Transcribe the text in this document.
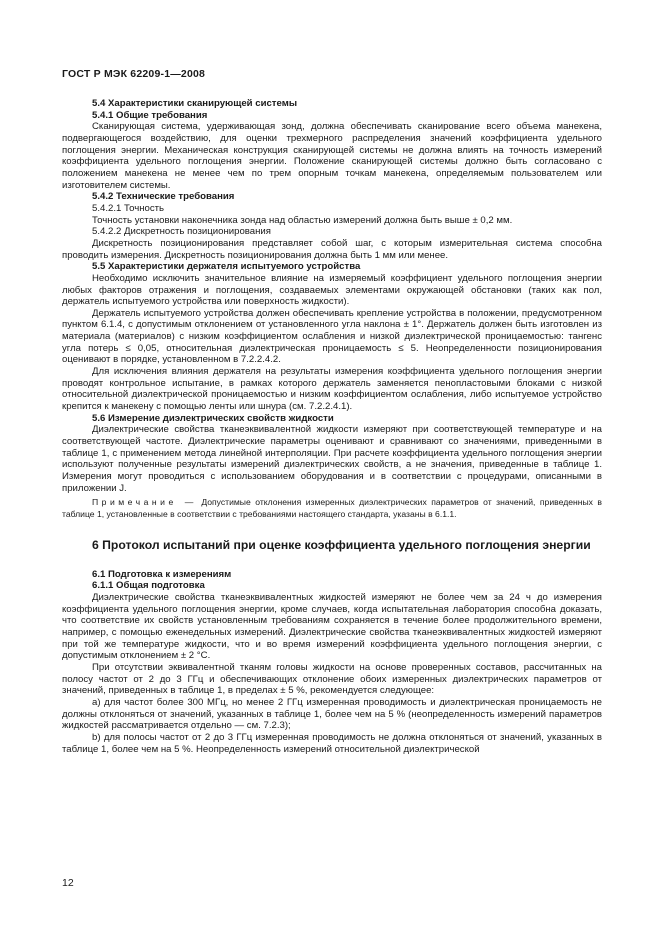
ГОСТ Р МЭК 62209-1—2008

5.4 Характеристики сканирующей системы

5.4.1 Общие требования

Сканирующая система, удерживающая зонд, должна обеспечивать сканирование всего объема манекена, подвергающегося воздействию, для оценки трехмерного распределения значений коэффициента удельного поглощения энергии. Механическая конструкция сканирующей системы не должна влиять на точность измерений коэффициента удельного поглощения энергии. Положение сканирующей системы должно быть согласовано с положением манекена не менее чем по трем опорным точкам манекена, определяемым пользователем или изготовителем системы.

5.4.2 Технические требования

5.4.2.1 Точность

Точность установки наконечника зонда над областью измерений должна быть выше ± 0,2 мм.

5.4.2.2 Дискретность позиционирования

Дискретность позиционирования представляет собой шаг, с которым измерительная система способна проводить измерения. Дискретность позиционирования должна быть 1 мм или менее.

5.5 Характеристики держателя испытуемого устройства

Необходимо исключить значительное влияние на измеряемый коэффициент удельного поглощения энергии любых факторов отражения и поглощения, создаваемых элементами окружающей обстановки (таких как пол, держатель испытуемого устройства или поверхность жидкости).

Держатель испытуемого устройства должен обеспечивать крепление устройства в положении, предусмотренном пунктом 6.1.4, с допустимым отклонением от установленного угла наклона ± 1°. Держатель должен быть изготовлен из материала (материалов) с низким коэффициентом ослабления и низкой диэлектрической проницаемостью: тангенс угла потерь ≤ 0,05, относительная диэлектрическая проницаемость ≤ 5. Неопределенности позиционирования оценивают в порядке, установленном в 7.2.2.4.2.

Для исключения влияния держателя на результаты измерения коэффициента удельного поглощения энергии проводят контрольное испытание, в рамках которого держатель заменяется пенопластовыми блоками с низкой относительной диэлектрической проницаемостью и низким коэффициентом ослабления, либо испытуемое устройство крепится к манекену с помощью ленты или шнура (см. 7.2.2.4.1).

5.6 Измерение диэлектрических свойств жидкости

Диэлектрические свойства тканеэквивалентной жидкости измеряют при соответствующей температуре и на соответствующей частоте. Диэлектрические параметры оценивают и сравнивают со значениями, приведенными в таблице 1, с применением метода линейной интерполяции. При расчете коэффициента удельного поглощения энергии используют полученные результаты измерений диэлектрических свойств, а не значения, приведенные в таблице 1. Измерения могут проводиться с использованием оборудования и в соответствии с процедурами, описанными в приложении J.

Примечание — Допустимые отклонения измеренных диэлектрических параметров от значений, приведенных в таблице 1, установленные в соответствии с требованиями настоящего стандарта, указаны в 6.1.1.

6 Протокол испытаний при оценке коэффициента удельного поглощения энергии

6.1 Подготовка к измерениям

6.1.1 Общая подготовка

Диэлектрические свойства тканеэквивалентных жидкостей измеряют не более чем за 24 ч до измерения коэффициента удельного поглощения энергии, кроме случаев, когда испытательная лаборатория способна доказать, что соответствие их свойств установленным требованиям сохраняется в течение более продолжительного времени, например, с помощью еженедельных измерений. Диэлектрические свойства тканеэквивалентных жидкостей измеряют при той же температуре жидкости, что и во время измерений коэффициента удельного поглощения энергии, с допустимым отклонением ± 2 °С.

При отсутствии эквивалентной тканям головы жидкости на основе проверенных составов, рассчитанных на полосу частот от 2 до 3 ГГц и обеспечивающих отклонение обоих измеренных диэлектрических параметров от значений, приведенных в таблице 1, в пределах ± 5 %, рекомендуется следующее:

а) для частот более 300 МГц, но менее 2 ГГц измеренная проводимость и диэлектрическая проницаемость не должны отклоняться от значений, указанных в таблице 1, более чем на 5 % (неопределенность измерений параметров жидкостей рассматривается отдельно — см. 7.2.3);

b) для полосы частот от 2 до 3 ГГц измеренная проводимость не должна отклоняться от значений, указанных в таблице 1, более чем на 5 %. Неопределенность измерений относительной диэлектрической

12
